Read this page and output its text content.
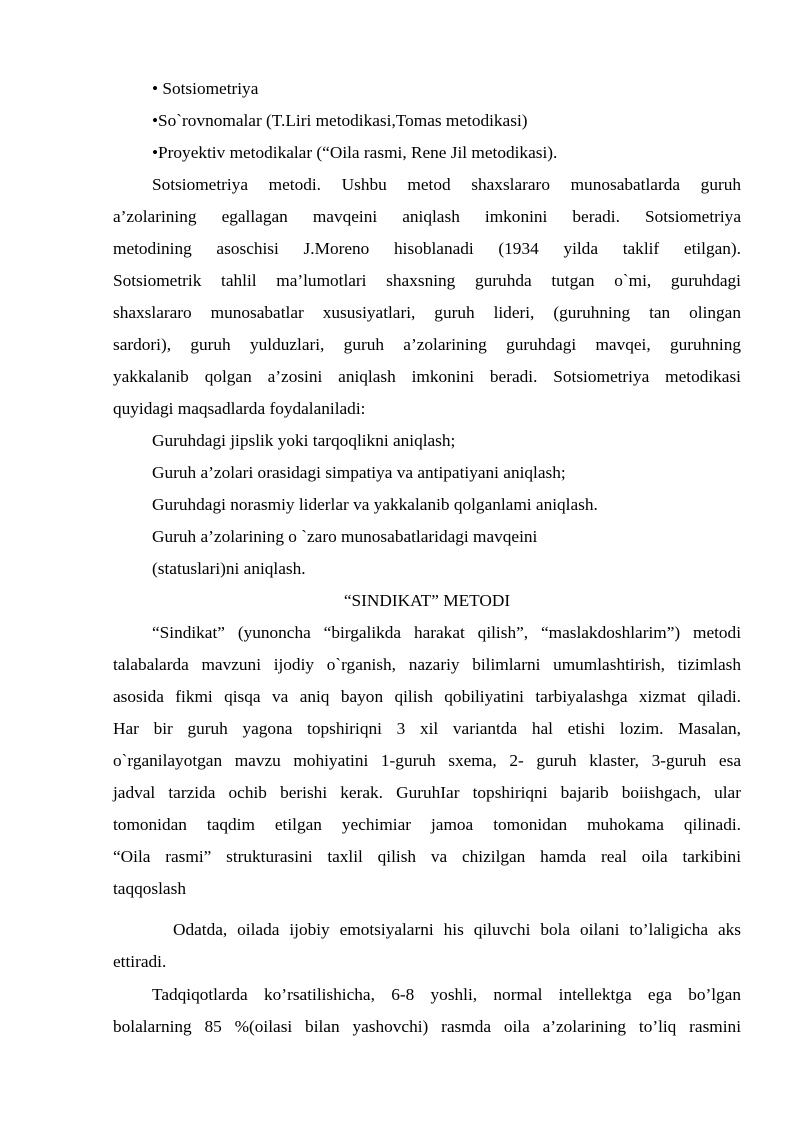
• Sotsiometriya
•So`rovnomalar (T.Liri metodikasi,Tomas metodikasi)
•Proyektiv metodikalar (“Oila rasmi, Rene Jil metodikasi).
Sotsiometriya metodi. Ushbu metod shaxslararo munosabatlarda guruh
a’zolarining egallagan mavqeini aniqlash imkonini beradi. Sotsiometriya
metodining asoschisi J.Moreno hisoblanadi (1934 yilda taklif etilgan).
Sotsiometrik tahlil ma’lumotlari shaxsning guruhda tutgan o`mi, guruhdagi
shaxslararo munosabatlar xususiyatlari, guruh lideri, (guruhning tan olingan
sardori), guruh yulduzlari, guruh a’zolarining guruhdagi mavqei, guruhning
yakkalanib qolgan a’zosini aniqlash imkonini beradi. Sotsiometriya metodikasi
quyidagi maqsadlarda foydalaniladi:
Guruhdagi jipslik yoki tarqoqlikni aniqlash;
Guruh a’zolari orasidagi simpatiya va antipatiyani aniqlash;
Guruhdagi norasmiy liderlar va yakkalanib qolganlami aniqlash.
Guruh a’zolarining o `zaro munosabatlaridagi mavqeini
(statuslari)ni aniqlash.
“SINDIKAT” METODI
“Sindikat” (yunoncha “birgalikda harakat qilish”, “maslakdoshlarim”) metodi
talabalarda mavzuni ijodiy o`rganish, nazariy bilimlarni umumlashtirish, tizimlash
asosida fikmi qisqa va aniq bayon qilish qobiliyatini tarbiyalashga xizmat qiladi.
Har bir guruh yagona topshiriqni 3 xil variantda hal etishi lozim. Masalan,
o`rganilayotgan mavzu mohiyatini 1-guruh sxema, 2- guruh klaster, 3-guruh esa
jadval tarzida ochib berishi kerak. GuruhIar topshiriqni bajarib boiishgach, ular
tomonidan taqdim etilgan yechimiar jamoa tomonidan muhokama qilinadi.
“Oila rasmi” strukturasini taxlil qilish va chizilgan hamda real oila tarkibini
taqqoslash
Odatda, oilada ijobiy emotsiyalarni his qiluvchi bola oilani to’laligicha aks
ettiradi.
Tadqiqotlarda ko’rsatilishicha, 6-8 yoshli, normal intellektga ega bo’lgan
bolalarning 85 %(oilasi bilan yashovchi) rasmda oila a’zolarining to’liq rasmini
